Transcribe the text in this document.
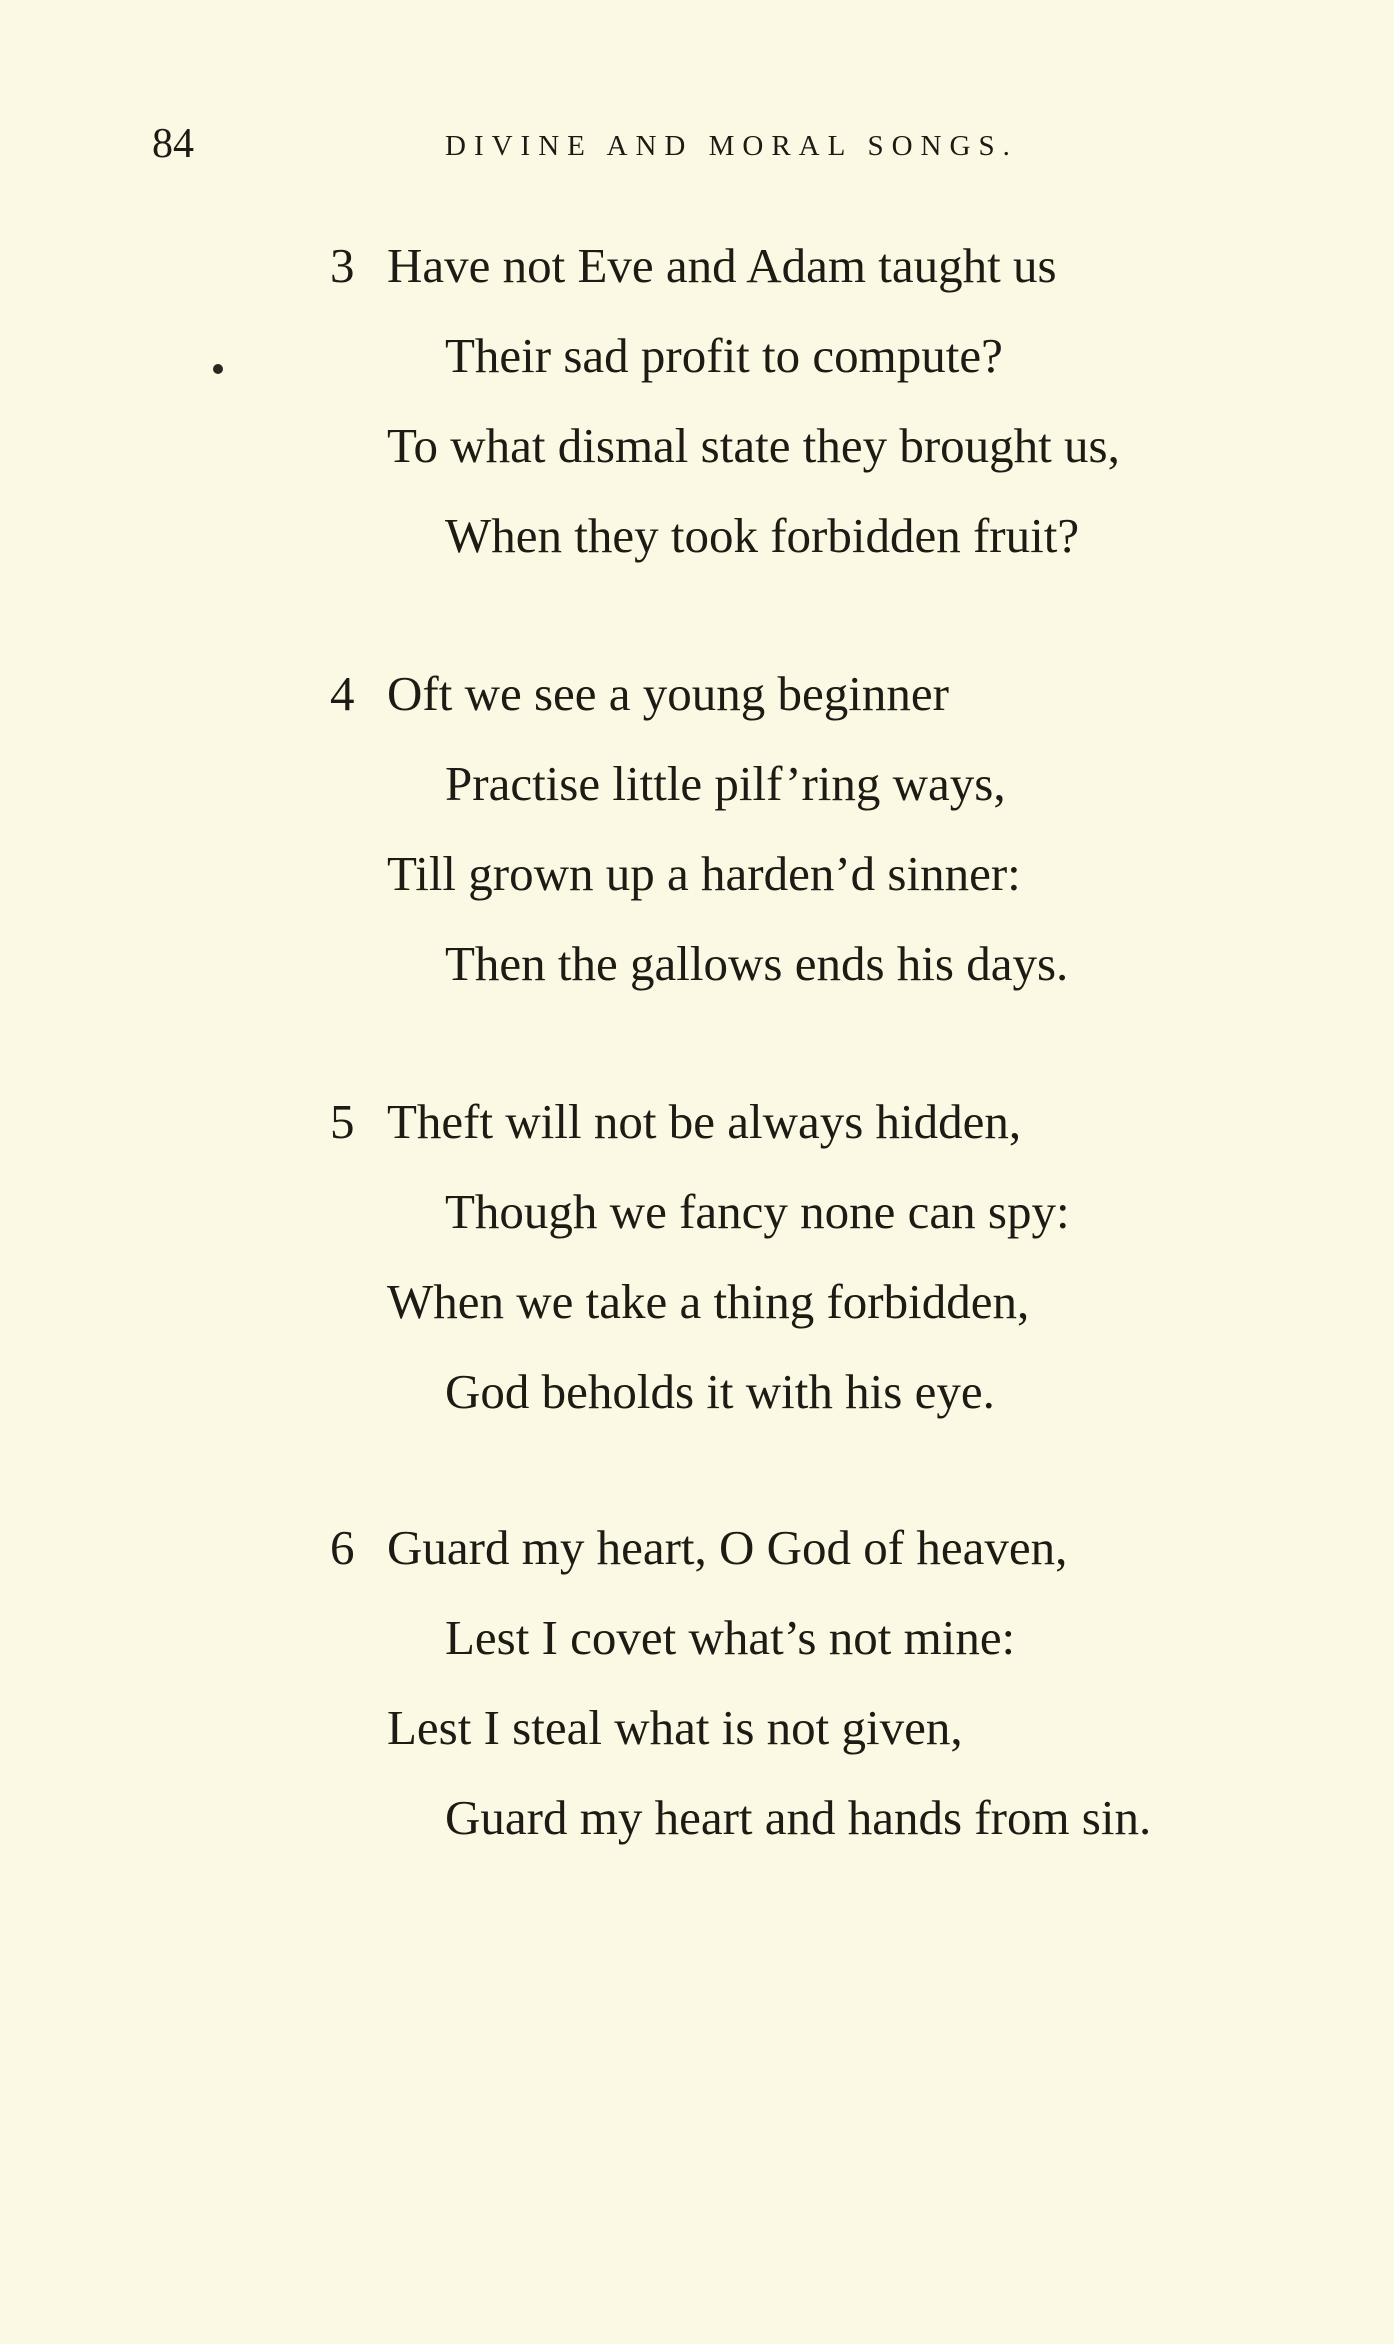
84	DIVINE AND MORAL SONGS.
3 Have not Eve and Adam taught us
Their sad profit to compute?
To what dismal state they brought us,
When they took forbidden fruit?
4 Oft we see a young beginner
Practise little pilf’ring ways,
Till grown up a harden’d sinner:
Then the gallows ends his days.
5 Theft will not be always hidden,
Though we fancy none can spy:
When we take a thing forbidden,
God beholds it with his eye.
6 Guard my heart, O God of heaven,
Lest I covet what’s not mine:
Lest I steal what is not given,
Guard my heart and hands from sin.
